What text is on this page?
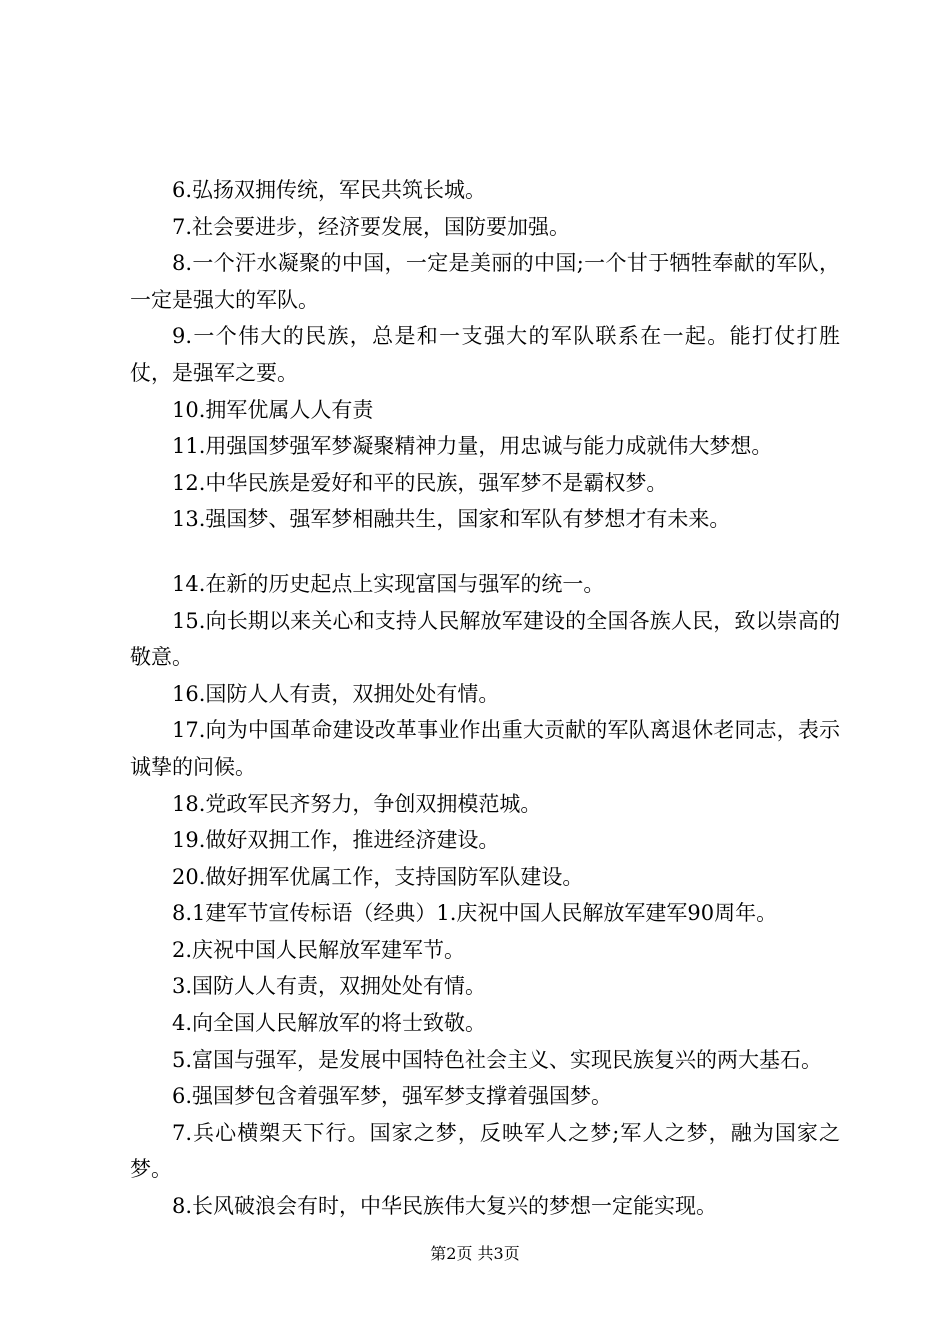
6.弘扬双拥传统，军民共筑长城。

7.社会要进步，经济要发展，国防要加强。

8.一个汗水凝聚的中国，一定是美丽的中国;一个甘于牺牲奉献的军队，一定是强大的军队。

9.一个伟大的民族，总是和一支强大的军队联系在一起。能打仗打胜仗，是强军之要。

10.拥军优属人人有责

11.用强国梦强军梦凝聚精神力量，用忠诚与能力成就伟大梦想。

12.中华民族是爱好和平的民族，强军梦不是霸权梦。

13.强国梦、强军梦相融共生，国家和军队有梦想才有未来。

14.在新的历史起点上实现富国与强军的统一。

15.向长期以来关心和支持人民解放军建设的全国各族人民，致以崇高的敬意。

16.国防人人有责，双拥处处有情。

17.向为中国革命建设改革事业作出重大贡献的军队离退休老同志，表示诚挚的问候。

18.党政军民齐努力，争创双拥模范城。

19.做好双拥工作，推进经济建设。

20.做好拥军优属工作，支持国防军队建设。

8.1建军节宣传标语（经典）1.庆祝中国人民解放军建军90周年。

2.庆祝中国人民解放军建军节。

3.国防人人有责，双拥处处有情。

4.向全国人民解放军的将士致敬。

5.富国与强军，是发展中国特色社会主义、实现民族复兴的两大基石。

6.强国梦包含着强军梦，强军梦支撑着强国梦。

7.兵心横槊天下行。国家之梦，反映军人之梦;军人之梦，融为国家之梦。

8.长风破浪会有时，中华民族伟大复兴的梦想一定能实现。

第2页 共3页
